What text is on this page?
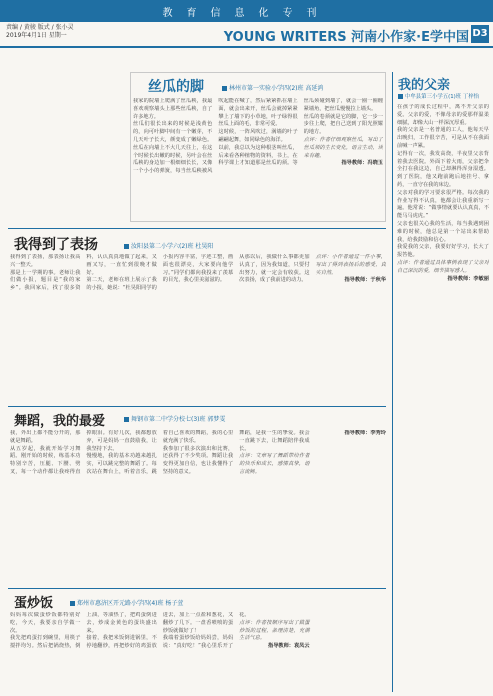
教育信息化专刊
责编 / 黄骏 版式 / 张小灵
2019年4月1日 星期一	YOUNG WRITERS 河南小作家·E学中国 D3
丝瓜的脚	林州市第一实验小学四(2)班 高延鸿

我家的院墙上爬满了丝瓜秧，我最喜欢观察墙头上那些丝瓜秧，自了许多地方。

丝瓜们很长出来的时候是浅黄色的，向可叶脚中间有一个嫩芽，不几天叶子长大，颜变成了嫩绿色。丝瓜在向墙上不大几天往上，在这个时候长出嫩的时候，另叶会在丝瓜秧的身边加一根细细长长，又像一个小小的弹簧，每当丝瓜秧被风吹起能在喊了，然后紧紧抓在墙上面，就会出来开，丝瓜会就掉紧紧攀上了墙下的小草地，叶子绿得很丝瓜上面的毛，非常可爱。

这时候，一阵风吹过，满墙的叶子翩翩起舞，如同绿色的海洋。

以前，我总以为这种根茎叫丝瓜，后来看各种植物的资料，书上，在科学课上才知道那是丝瓜的须。等丝瓜须碰到墙了，就会一圈一圈缠紧墙角，把丝瓜慢慢拉上墙头。

丝瓜的卷须就是它的脚，它一步一步往上爬，把自己送到了阳光照耀的地方。

点评：作者仔细观察丝瓜，写出了丝瓜须的生长变化，语言生动，读来有趣。

指导教师：冯晓玉

我的父亲
中牟县第三小学五(1)班 丁梓怡

在孩子的成长过程中，离不开父亲的爱。父亲的爱，不像母亲的爱那样温柔细腻，却像大山一样深沉厚重。

我的父亲是一名普通的工人，他每天早出晚归，工作很辛苦，可是从不在我面前喊一声累。

记得有一次，我发高烧，半夜里父亲背着我去医院。外面下着大雨，父亲把伞全打在我这边，自己却淋得浑身湿透。到了医院，他又跑前跑后地挂号、拿药，一直守在我的床边。

父亲对我的学习要求很严格。每次我的作业写得不认真，他都会让我重新写一遍。他常说：“做事情就要认认真真，不能马马虎虎。”

父亲也很关心我的生活，每当我遇到困难的时候，他总是第一个站出来帮助我，给我鼓励和信心。

我爱我的父亲，我要好好学习，长大了报答他。

点评：作者通过具体事例表现了父亲对自己深沉的爱，细节描写感人。

指导教师：李敏丽

我得到了表扬	汝阳县第二小学六(2)班 杜昊阳

我得到了表扬，那表扬让我高兴一整天。

那是上一学期的事。老师让我们做小报，题目是“我的家乡”。我回家后，找了很多资料，认认真真地做了起来，又画又写，一直忙到很晚才做好。

第二天，老师在班上展示了我的小报，她说：“杜昊阳同学的小报内容丰富，字迹工整，画面也很漂亮，大家要向他学习。”同学们都向我投来了羡慕的目光，我心里美滋滋的。

从那以后，我做什么事都更加认真了，因为我知道，只要付出努力，就一定会有收获。这次表扬，成了我前进的动力。

点评：小作者通过一件小事，写出了得到表扬后的感受，真实自然。

指导教师：于秋华

舞蹈，我的最爱	舞钢市第二中学分校七(3)班 郭梦雯

我，外出上都不能分开的，那就是舞蹈。

从五岁起，我就开始学习舞蹈。刚开始的时候，练基本功特别辛苦，压腿、下腰、劈叉，每一个动作都让我疼得直掉眼泪。有好几次，我都想放弃，可是妈妈一直鼓励我，让我坚持下去。

慢慢地，我的基本功越来越扎实，可以跳完整的舞蹈了。每次站在舞台上，听着音乐，跳着自己喜欢的舞蹈，我的心里就充满了快乐。

我参加了很多次演出和比赛，还获得了不少奖项。舞蹈让我变得更加自信，也让我懂得了坚持的意义。

舞蹈，是我一生的挚爱。我会一直跳下去，让舞蹈陪伴我成长。

点评：文章写了舞蹈带给作者的快乐和成长，感情真挚，语言流畅。

指导教师：李秀玲

蛋炒饭	郑州市惠济区开元路小学四(4)班 杨子萱

妈妈每次做蛋炒饭都特别好吃，今天，我要亲自学做一次。

我先把鸡蛋打到碗里，用筷子搅拌均匀。然后把锅烧热，倒上油，等油热了，把鸡蛋倒进去，炒成金黄色的蛋块盛出来。

接着，我把米饭倒进锅里，不停地翻炒，再把炒好的鸡蛋放进去，加上一点盐和葱花，又翻炒了几下。一盘香喷喷的蛋炒饭就做好了！

我端着蛋炒饭给妈妈尝，妈妈说：“真好吃！”我心里乐开了花。

点评：作者按顺序写出了做蛋炒饭的过程，条理清楚，充满生活气息。

指导教师：袁凤云
